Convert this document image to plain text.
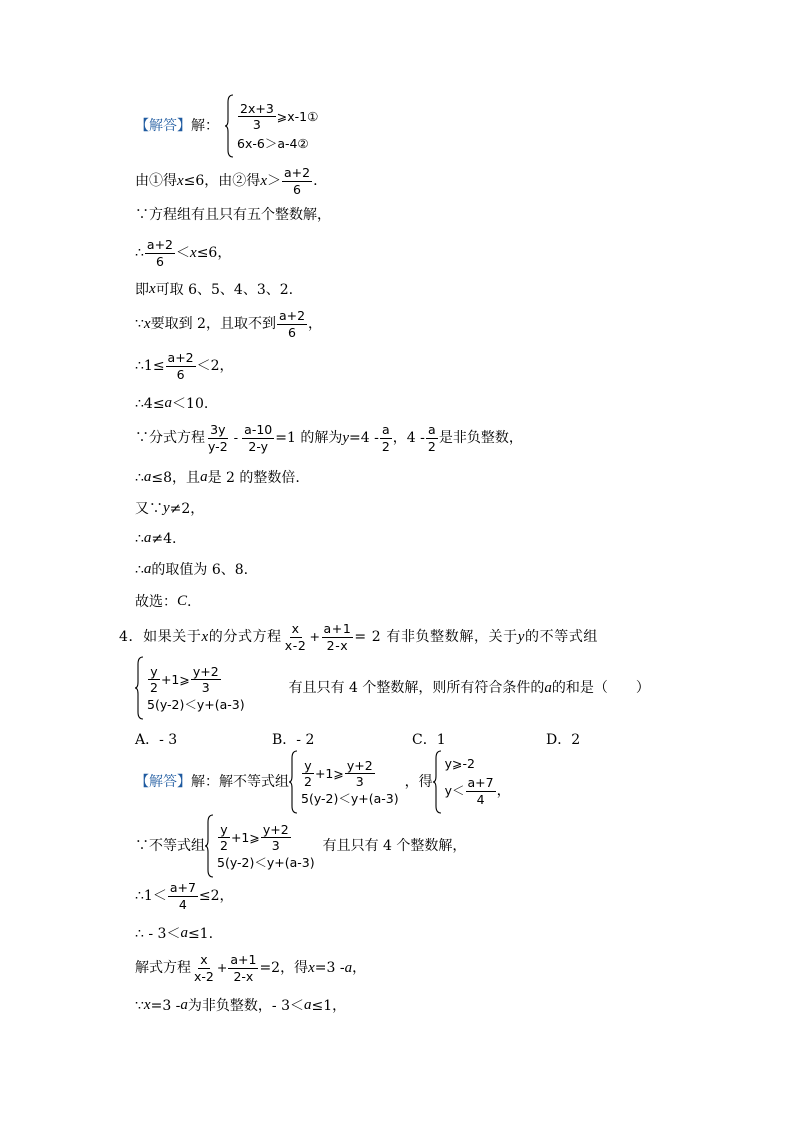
【解答】 解： $\frac{2x+3}{3}$ ⩾x-1①
6x-6＞a-4②
由①得 x ≤6，由②得 $x > \frac{a+2}{6}$ .
∵方程组有且只有五个整数解，
∴ $\frac{a+2}{6} < x \le 6$，
即 x 可取 6、5、4、3、2.
∵ x 要取到 2，且取不到 $\frac{a+2}{6}$ ，
∴1≤ $\frac{a+2}{6} <2$，
∴4≤ a ＜10.
∵分式方程 $\frac{3y}{y-2} - \frac{a-10}{2-y} =1$ 的解为 $y =4 - \frac{a}{2}$ ，$4 - \frac{a}{2}$ 是非负整数，
∴ a ≤8，且 a 是 2 的整数倍.
又∵ y ≠2，
∴ a ≠4.
∴ a 的取值为 6、8.
故选： C .
4．如果关于 x 的分式方程 $\frac{x}{x-2} + \frac{a+1}{2-x} = 2$ 有非负整数解，关于 y 的不等式组
$\frac{y}{2}$ +1⩾ $\frac{y+2}{3}$
5(y-2)＜y+(a-3)
有且只有 4 个整数解，则所有符合条件的 a 的和是（　　）
A．- 3	B．- 2	C．1	D．2
【解答】 解：解不等式组 $\frac{y}{2}$ +1⩾ $\frac{y+2}{3}$
5(y-2)＜y+(a-3)
，得
y⩾-2
$y< \frac{a+7}{4}$ ，
∵不等式组 $\frac{y}{2}$ +1⩾ $\frac{y+2}{3}$
5(y-2)＜y+(a-3)
有且只有 4 个整数解，
∴1＜ $\frac{a+7}{4} \le 2$，
∴ - 3＜ a ≤1.
解式方程 $\frac{x}{x-2} + \frac{a+1}{2-x} =2$，得 x =3 - a ，
∵ x =3 - a 为非负整数，- 3＜ a ≤1，
